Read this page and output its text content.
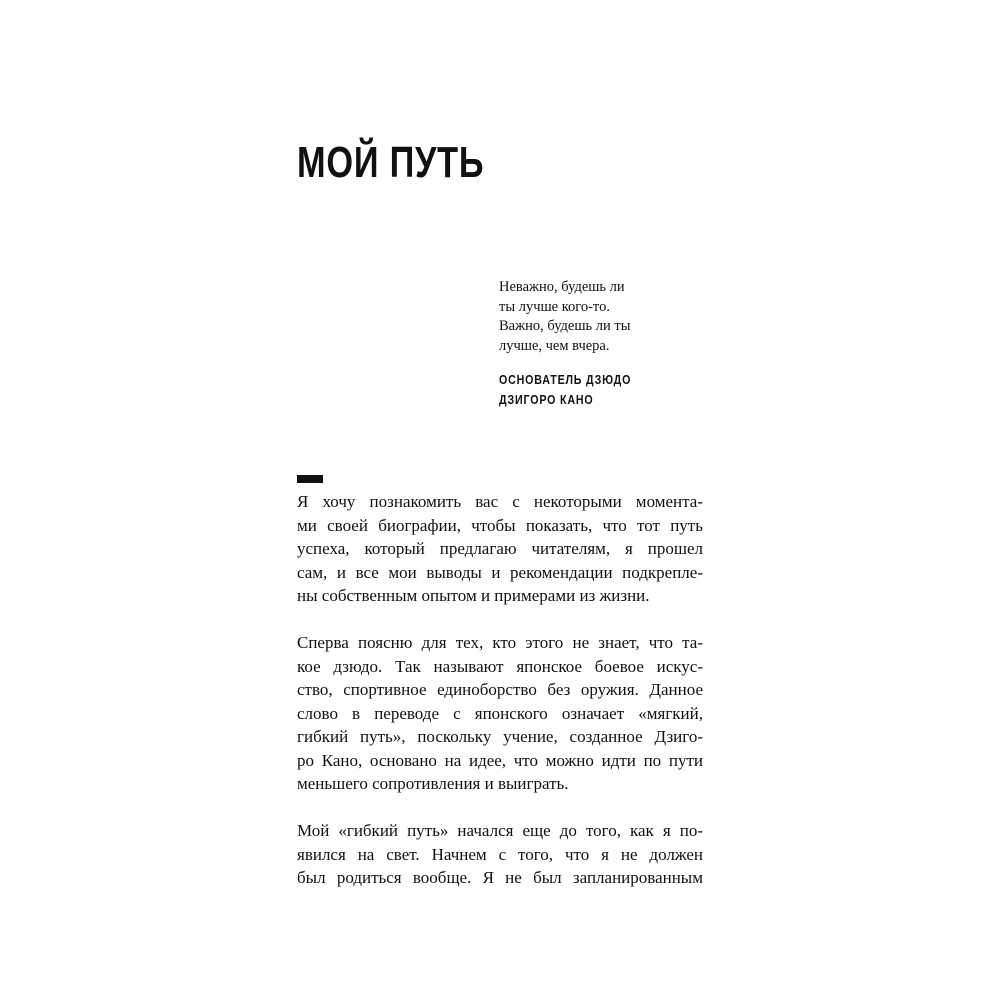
МОЙ ПУТЬ
Неважно, будешь ли
ты лучше кого-то.
Важно, будешь ли ты
лучше, чем вчера.
ОСНОВАТЕЛЬ ДЗЮДО
ДЗИГОРО КАНО

Я хочу познакомить вас с некоторыми момента-
ми своей биографии, чтобы показать, что тот путь
успеха, который предлагаю читателям, я прошел
сам, и все мои выводы и рекомендации подкрепле-
ны собственным опытом и примерами из жизни.

Сперва поясню для тех, кто этого не знает, что та-
кое дзюдо. Так называют японское боевое искус-
ство, спортивное единоборство без оружия. Данное
слово в переводе с японского означает «мягкий,
гибкий путь», поскольку учение, созданное Дзиго-
ро Кано, основано на идее, что можно идти по пути
меньшего сопротивления и выиграть.

Мой «гибкий путь» начался еще до того, как я по-
явился на свет. Начнем с того, что я не должен
был родиться вообще. Я не был запланированным
